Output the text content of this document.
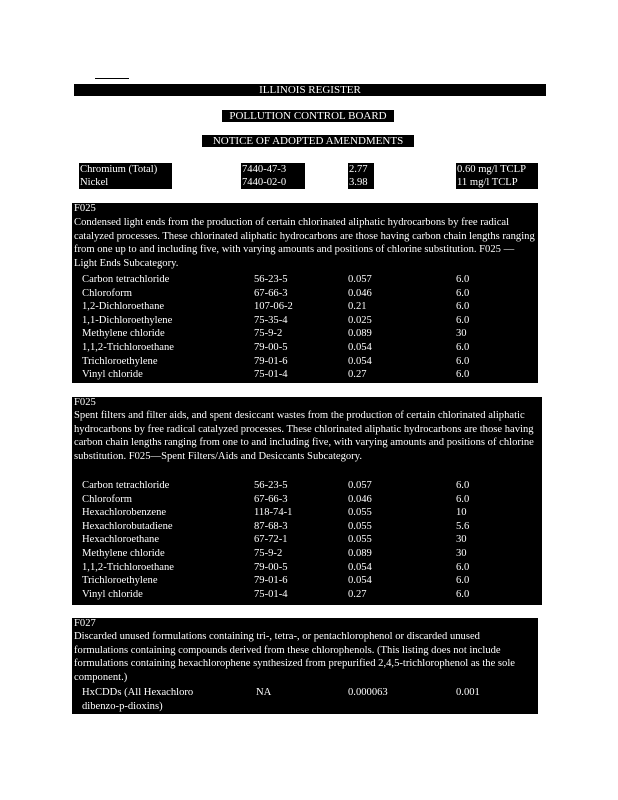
ILLINOIS REGISTER
POLLUTION CONTROL BOARD
NOTICE OF ADOPTED AMENDMENTS
Chromium (Total)	7440-47-3	2.77	0.60 mg/l TCLP
Nickel	7440-02-0	3.98	11 mg/l TCLP
F025
Condensed light ends from the production of certain chlorinated aliphatic hydrocarbons by free radical catalyzed processes. These chlorinated aliphatic hydrocarbons are those having carbon chain lengths ranging from one up to and including five, with varying amounts and positions of chlorine substitution. F025 — Light Ends Subcategory.
Carbon tetrachloride	56-23-5	0.057	6.0
Chloroform	67-66-3	0.046	6.0
1,2-Dichloroethane	107-06-2	0.21	6.0
1,1-Dichloroethylene	75-35-4	0.025	6.0
Methylene chloride	75-9-2	0.089	30
1,1,2-Trichloroethane	79-00-5	0.054	6.0
Trichloroethylene	79-01-6	0.054	6.0
Vinyl chloride	75-01-4	0.27	6.0
F025
Spent filters and filter aids, and spent desiccant wastes from the production of certain chlorinated aliphatic hydrocarbons by free radical catalyzed processes. These chlorinated aliphatic hydrocarbons are those having carbon chain lengths ranging from one to and including five, with varying amounts and positions of chlorine substitution. F025—Spent Filters/Aids and Desiccants Subcategory.
Carbon tetrachloride	56-23-5	0.057	6.0
Chloroform	67-66-3	0.046	6.0
Hexachlorobenzene	118-74-1	0.055	10
Hexachlorobutadiene	87-68-3	0.055	5.6
Hexachloroethane	67-72-1	0.055	30
Methylene chloride	75-9-2	0.089	30
1,1,2-Trichloroethane	79-00-5	0.054	6.0
Trichloroethylene	79-01-6	0.054	6.0
Vinyl chloride	75-01-4	0.27	6.0
F027
Discarded unused formulations containing tri-, tetra-, or pentachlorophenol or discarded unused formulations containing compounds derived from these chlorophenols. (This listing does not include formulations containing hexachlorophene synthesized from prepurified 2,4,5-trichlorophenol as the sole component.)
HxCDDs (All Hexachloro
dibenzo-p-dioxins)
NA	0.000063	0.001
